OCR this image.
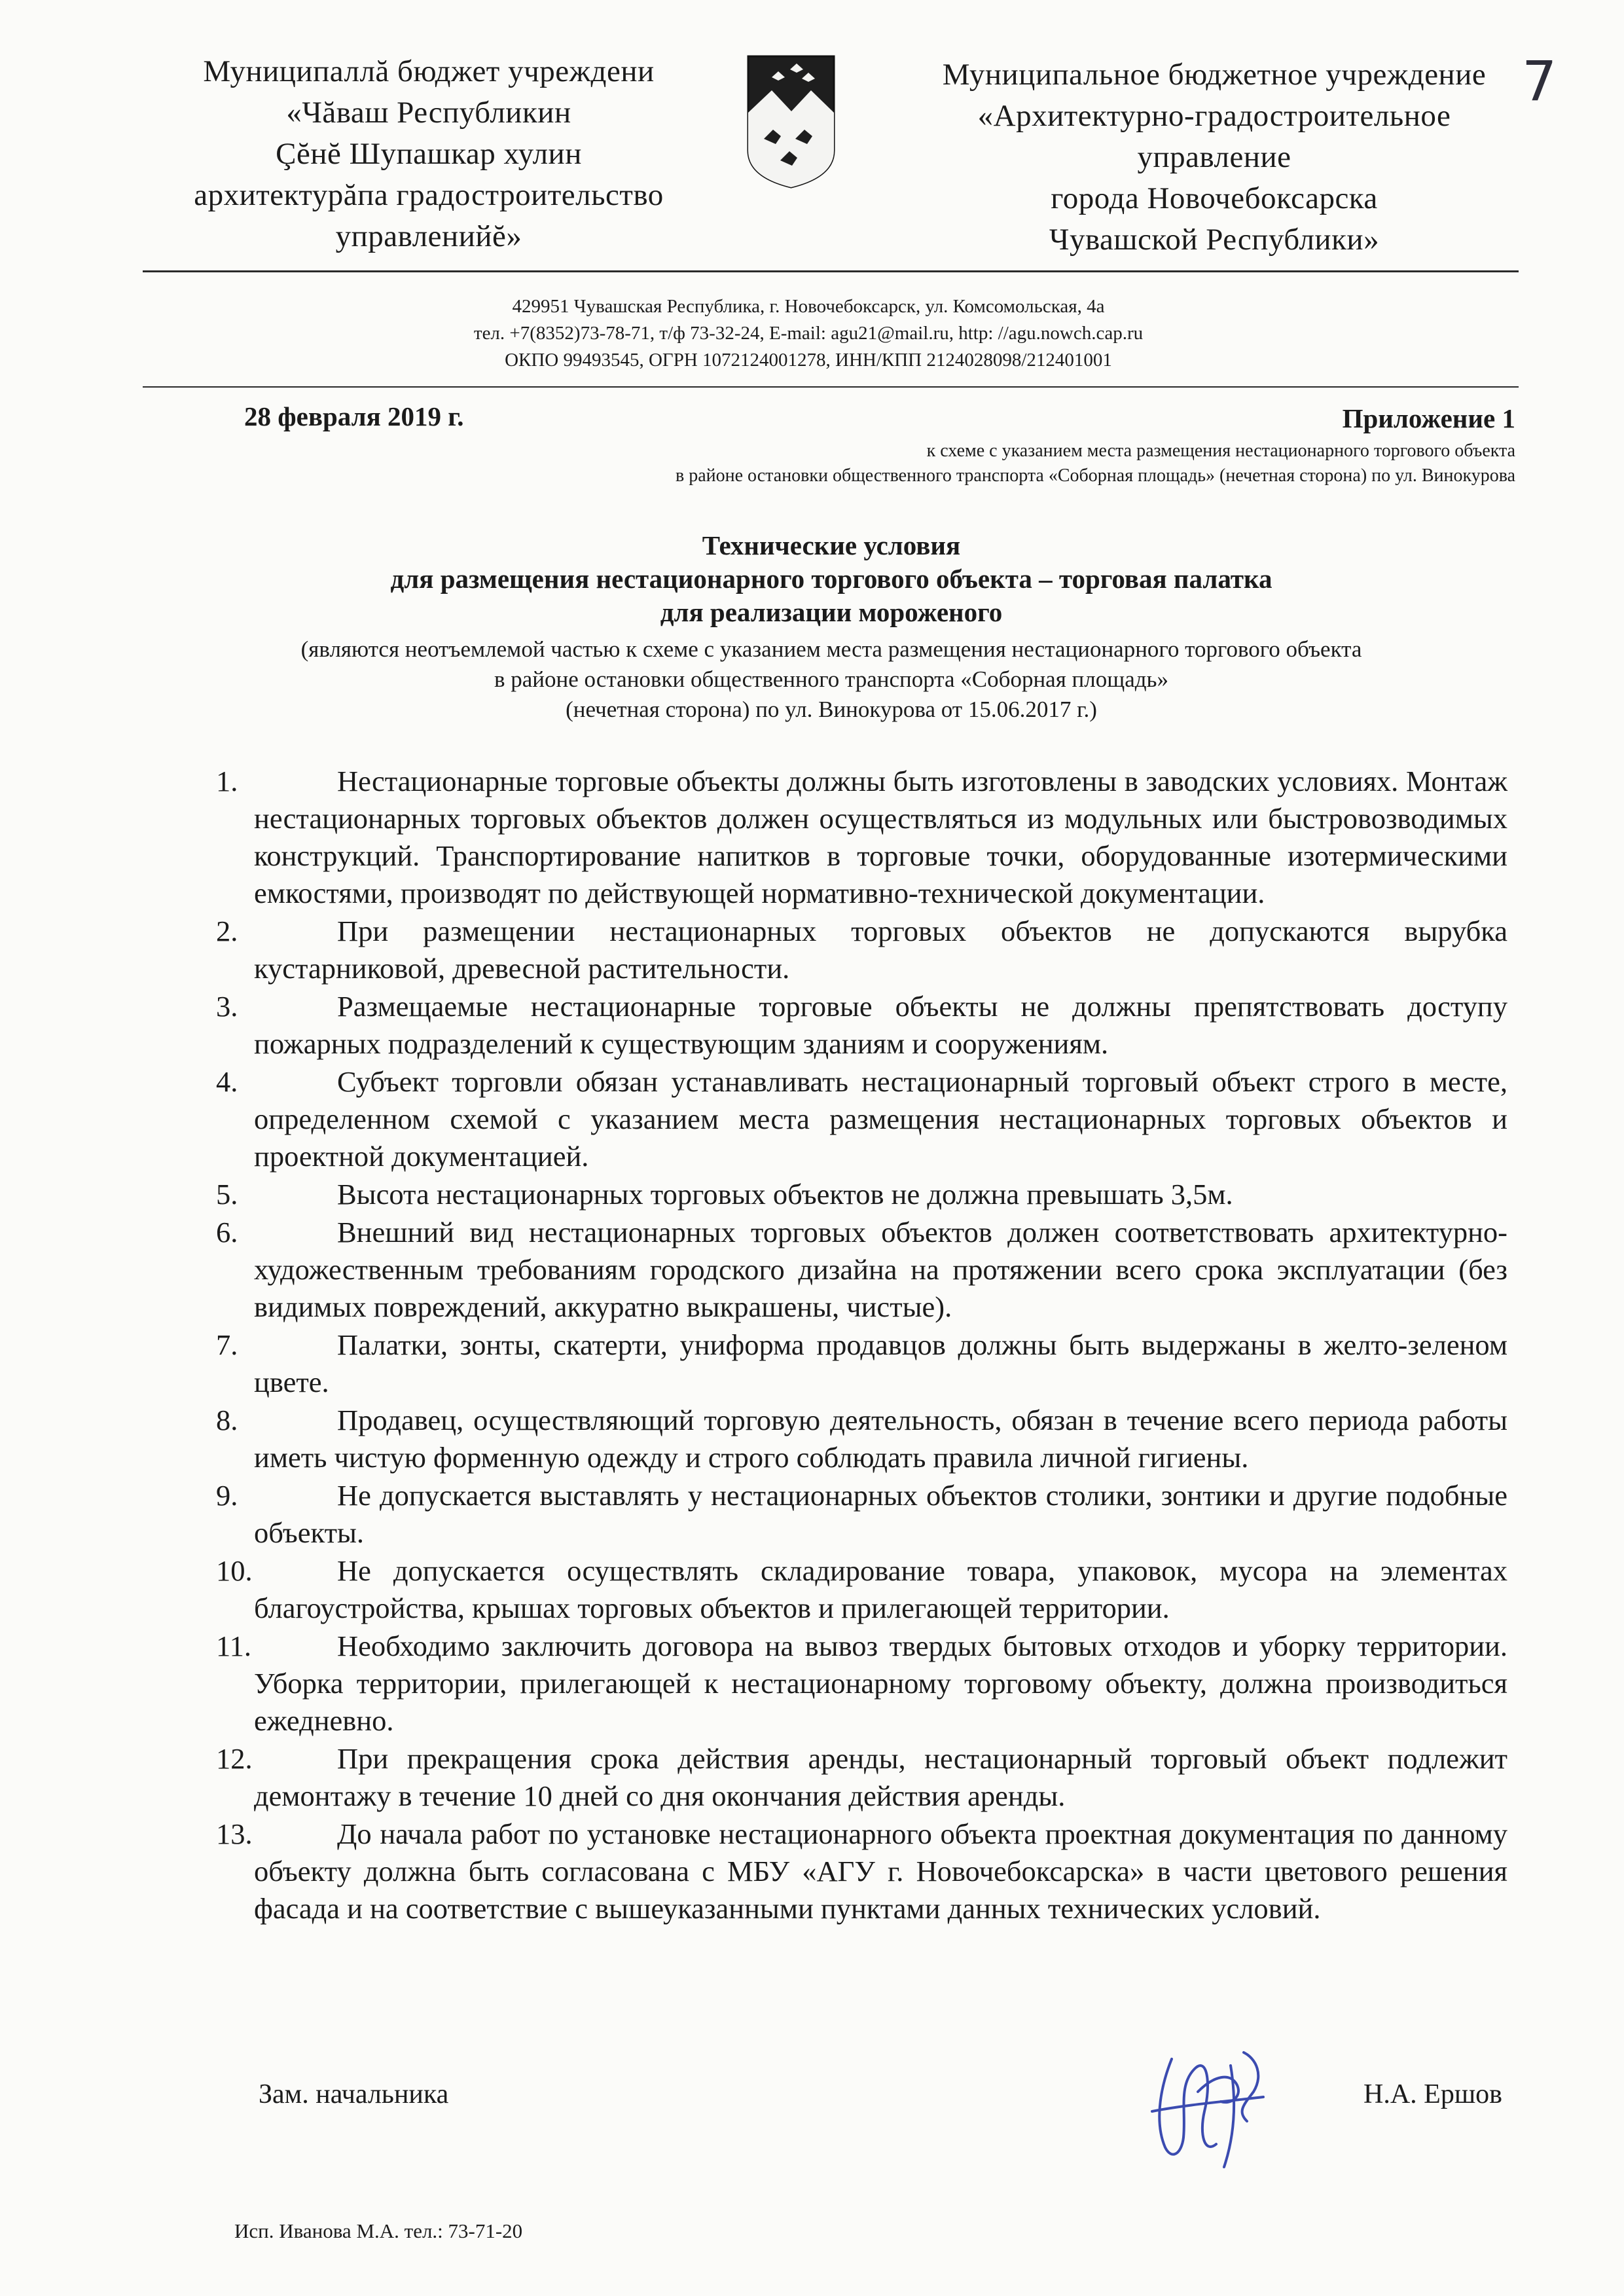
Муниципаллă бюджет учреждени
«Чăваш Республикин
Çĕнĕ Шупашкар хулин
архитектурăпа градостроительство
управленийĕ»
Муниципальное бюджетное учреждение
«Архитектурно-градостроительное
управление
города Новочебоксарска
Чувашской Республики»
7
429951 Чувашская Республика, г. Новочебоксарск, ул. Комсомольская, 4а
тел. +7(8352)73-78-71, т/ф 73-32-24, E-mail: agu21@mail.ru, http: //agu.nowch.cap.ru
ОКПО 99493545, ОГРН 1072124001278, ИНН/КПП 2124028098/212401001
28 февраля 2019 г.	Приложение 1
к схеме с указанием места размещения нестационарного торгового объекта
в районе остановки общественного транспорта «Соборная площадь» (нечетная сторона) по ул. Винокурова
Технические условия
для размещения нестационарного торгового объекта – торговая палатка
для реализации мороженого
(являются неотъемлемой частью к схеме с указанием места размещения нестационарного торгового объекта
в районе остановки общественного транспорта «Соборная площадь»
(нечетная сторона) по ул. Винокурова от 15.06.2017 г.)
1.	Нестационарные торговые объекты должны быть изготовлены в заводских условиях. Монтаж нестационарных торговых объектов должен осуществляться из модульных или быстровозводимых конструкций. Транспортирование напитков в торговые точки, оборудованные изотермическими емкостями, производят по действующей нормативно-технической документации.
2.	При размещении нестационарных торговых объектов не допускаются вырубка кустарниковой, древесной растительности.
3.	Размещаемые нестационарные торговые объекты не должны препятствовать доступу пожарных подразделений к существующим зданиям и сооружениям.
4.	Субъект торговли обязан устанавливать нестационарный торговый объект строго в месте, определенном схемой с указанием места размещения нестационарных торговых объектов и проектной документацией.
5.	Высота нестационарных торговых объектов не должна превышать 3,5м.
6.	Внешний вид нестационарных торговых объектов должен соответствовать архитектурно-художественным требованиям городского дизайна на протяжении всего срока эксплуатации (без видимых повреждений, аккуратно выкрашены, чистые).
7.	Палатки, зонты, скатерти, униформа продавцов должны быть выдержаны в желто-зеленом цвете.
8.	Продавец, осуществляющий торговую деятельность, обязан в течение всего периода работы иметь чистую форменную одежду и строго соблюдать правила личной гигиены.
9.	Не допускается выставлять у нестационарных объектов столики, зонтики и другие подобные объекты.
10.	Не допускается осуществлять складирование товара, упаковок, мусора на элементах благоустройства, крышах торговых объектов и прилегающей территории.
11.	Необходимо заключить договора на вывоз твердых бытовых отходов и уборку территории. Уборка территории, прилегающей к нестационарному торговому объекту, должна производиться ежедневно.
12.	При прекращения срока действия аренды, нестационарный торговый объект подлежит демонтажу в течение 10 дней со дня окончания действия аренды.
13.	До начала работ по установке нестационарного объекта проектная документация по данному объекту должна быть согласована с МБУ «АГУ г. Новочебоксарска» в части цветового решения фасада и на соответствие с вышеуказанными пунктами данных технических условий.
Зам. начальника	Н.А. Ершов
Исп. Иванова М.А. тел.: 73-71-20
